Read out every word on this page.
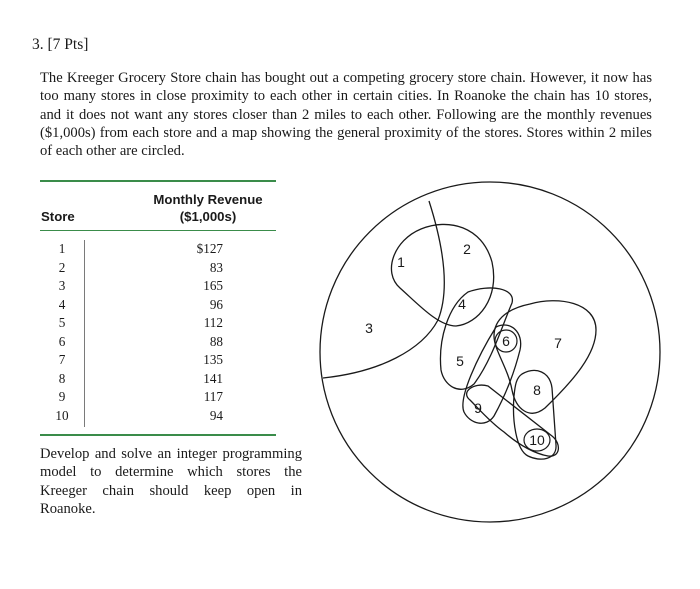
3. [7 Pts]
The Kreeger Grocery Store chain has bought out a competing grocery store chain. However, it now has too many stores in close proximity to each other in certain cities. In Roanoke the chain has 10 stores, and it does not want any stores closer than 2 miles to each other. Following are the monthly revenues ($1,000s) from each store and a map showing the general proximity of the stores. Stores within 2 miles of each other are circled.
Store
Monthly Revenue
($1,000s)
1	$127
2	83
3	165
4	96
5	112
6	88
7	135
8	141
9	117
10	94
Develop and solve an integer programming model to determine which stores the Kreeger chain should keep open in Roanoke.
1
2
3
4
5
6	7
8
9
10
